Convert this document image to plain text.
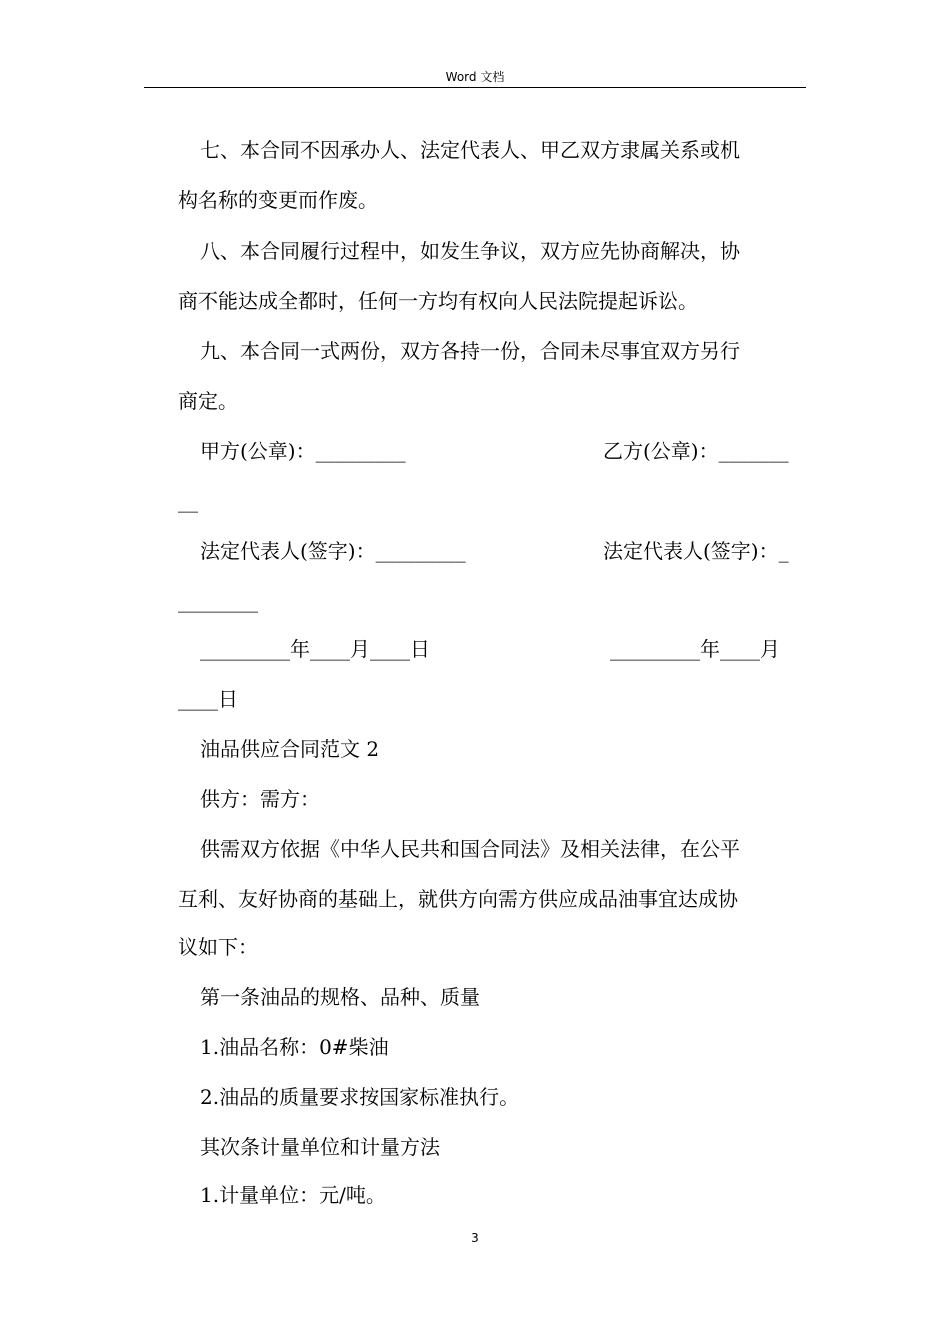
Word 文档
七、本合同不因承办人、法定代表人、甲乙双方隶属关系或机
构名称的变更而作废。
八、本合同履行过程中，如发生争议，双方应先协商解决，协
商不能达成全都时，任何一方均有权向人民法院提起诉讼。
九、本合同一式两份，双方各持一份，合同未尽事宜双方另行
商定。
甲方(公章)：_________	乙方(公章)：_______
__
法定代表人(签字)：_________	法定代表人(签字)：_
________
_________年____月____日	_________年____月
____日
油品供应合同范文 2
供方：需方：
供需双方依据《中华人民共和国合同法》及相关法律，在公平
互利、友好协商的基础上，就供方向需方供应成品油事宜达成协
议如下：
第一条油品的规格、品种、质量
1.油品名称：0#柴油
2.油品的质量要求按国家标准执行。
其次条计量单位和计量方法
1.计量单位：元/吨。
3
